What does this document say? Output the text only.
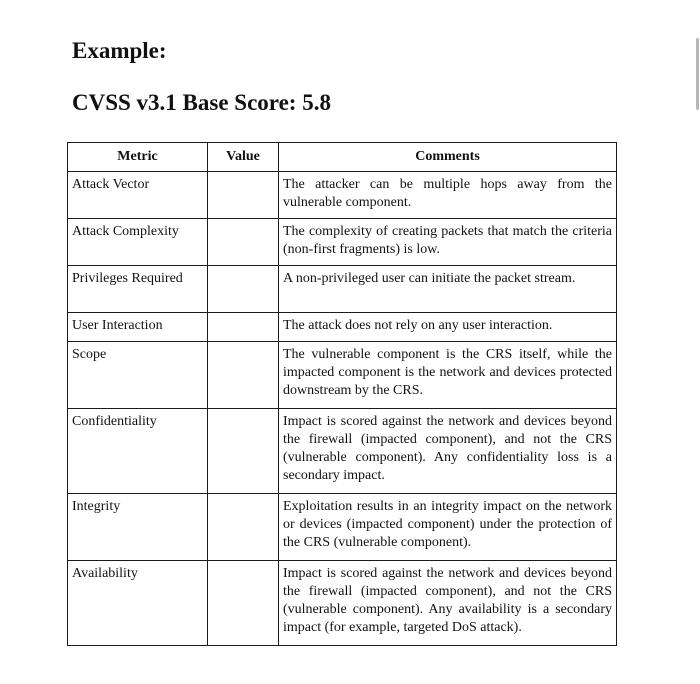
Example:
CVSS v3.1 Base Score: 5.8
Metric	Value	Comments
Attack Vector		The attacker can be multiple hops away from the vulnerable component.
Attack Complexity		The complexity of creating packets that match the criteria (non-first fragments) is low.
Privileges Required		A non-privileged user can initiate the packet stream.
User Interaction		The attack does not rely on any user interaction.
Scope		The vulnerable component is the CRS itself, while the impacted component is the network and devices protected downstream by the CRS.
Confidentiality		Impact is scored against the network and devices beyond the firewall (impacted component), and not the CRS (vulnerable component). Any confidentiality loss is a secondary impact.
Integrity		Exploitation results in an integrity impact on the network or devices (impacted component) under the protection of the CRS (vulnerable component).
Availability		Impact is scored against the network and devices beyond the firewall (impacted component), and not the CRS (vulnerable component). Any availability is a secondary impact (for example, targeted DoS attack).
